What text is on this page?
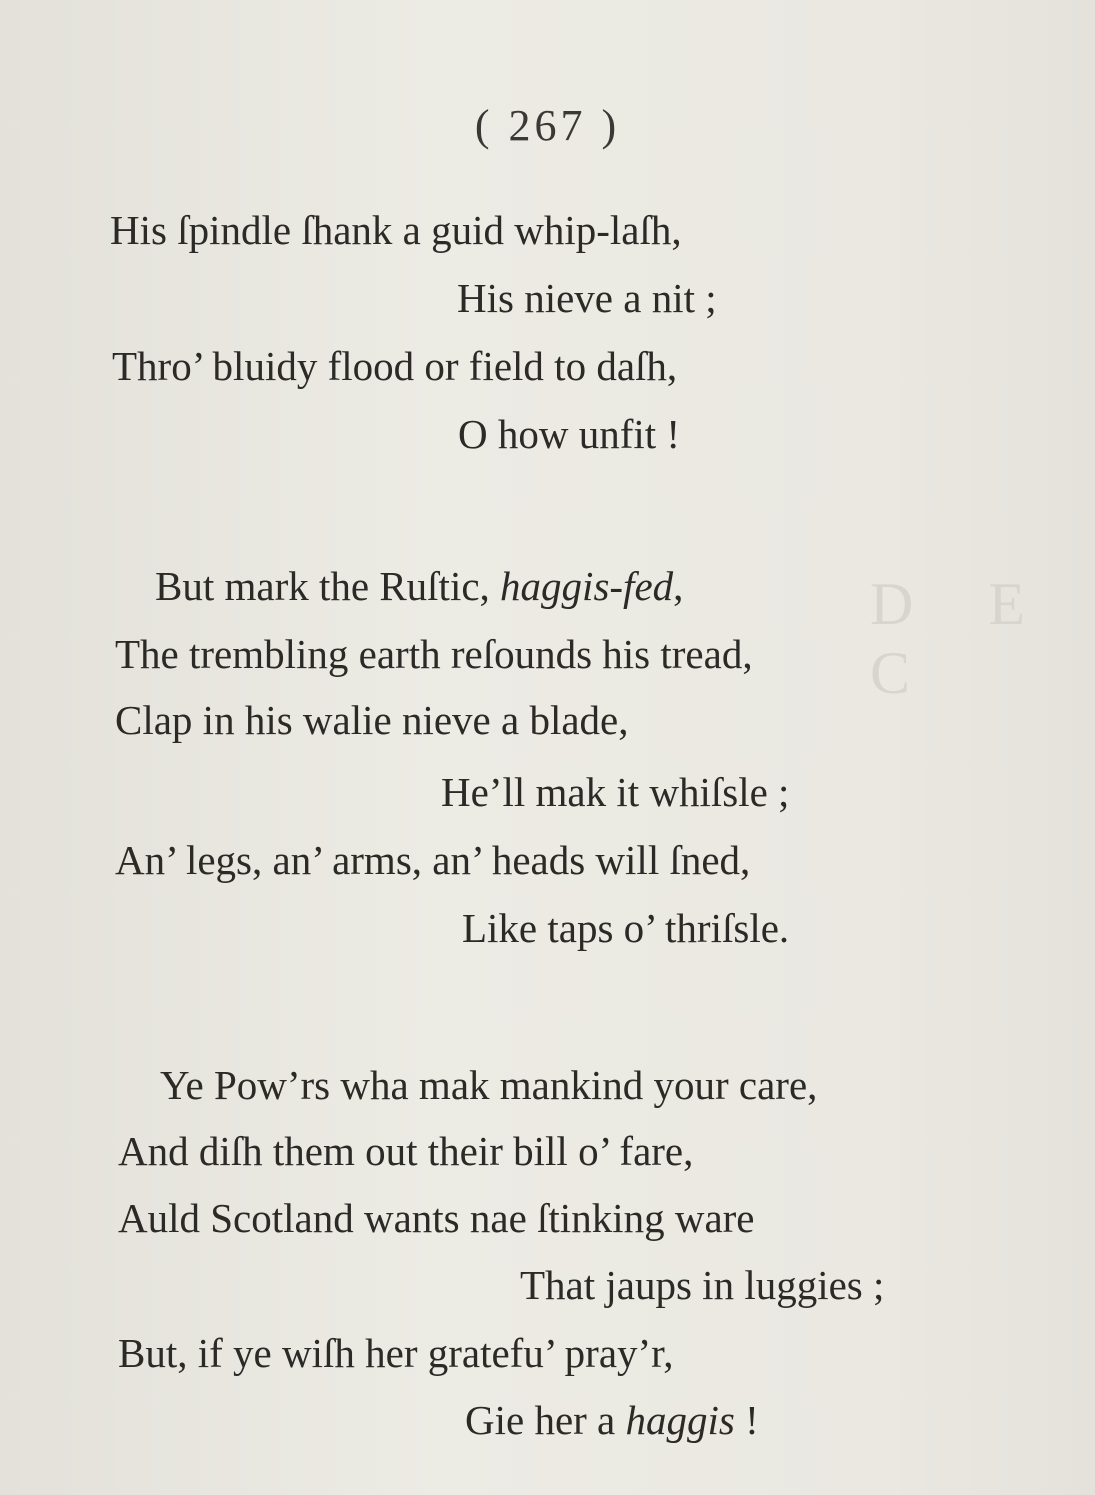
D E C
( 267 )
His ſpindle ſhank a guid whip-laſh,
His nieve a nit ;
Thro’ bluidy flood or field to daſh,
O how unfit !
But mark the Ruſtic, haggis-fed,
The trembling earth reſounds his tread,
Clap in his walie nieve a blade,
He’ll mak it whiſsle ;
An’ legs, an’ arms, an’ heads will ſned,
Like taps o’ thriſsle.
Ye Pow’rs wha mak mankind your care,
And diſh them out their bill o’ fare,
Auld Scotland wants nae ſtinking ware
That jaups in luggies ;
But, if ye wiſh her gratefu’ pray’r,
Gie her a haggis !
